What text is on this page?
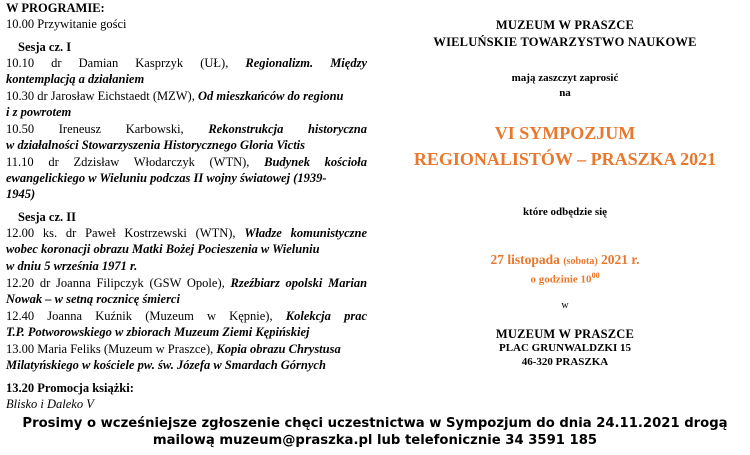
W PROGRAMIE:
10.00 Przywitanie gości
Sesja cz. I
10.10 dr Damian Kasprzyk (UŁ), Regionalizm. Między
kontemplacją a działaniem
10.30 dr Jarosław Eichstaedt (MZW), Od mieszkańców do regionu
i z powrotem
10.50 Ireneusz Karbowski, Rekonstrukcja historyczna
w działalności Stowarzyszenia Historycznego Gloria Victis
11.10 dr Zdzisław Włodarczyk (WTN), Budynek kościoła
ewangelickiego w Wieluniu podczas II wojny światowej (1939-
1945)
Sesja cz. II
12.00 ks. dr Paweł Kostrzewski (WTN), Władze komunistyczne
wobec koronacji obrazu Matki Bożej Pocieszenia w Wieluniu
w dniu 5 września 1971 r.
12.20 dr Joanna Filipczyk (GSW Opole), Rzeźbiarz opolski Marian
Nowak – w setną rocznicę śmierci
12.40 Joanna Kuźnik (Muzeum w Kępnie), Kolekcja prac
T.P. Potworowskiego w zbiorach Muzeum Ziemi Kępińskiej
13.00 Maria Feliks (Muzeum w Praszce), Kopia obrazu Chrystusa
Milatyńskiego w kościele pw. św. Józefa w Smardach Górnych
13.20 Promocja książki:
Blisko i Daleko V
MUZEUM W PRASZCE
WIELUŃSKIE TOWARZYSTWO NAUKOWE
mają zaszczyt zaprosić
na
VI SYMPOZJUM
REGIONALISTÓW – PRASZKA 2021
które odbędzie się
27 listopada (sobota) 2021 r.
o godzinie $10^{00}$
w
MUZEUM W PRASZCE
PLAC GRUNWALDZKI 15
46-320 PRASZKA
Prosimy o wcześniejsze zgłoszenie chęci uczestnictwa w Sympozjum do dnia 24.11.2021 drogą
mailową muzeum@praszka.pl lub telefonicznie 34 3591 185
